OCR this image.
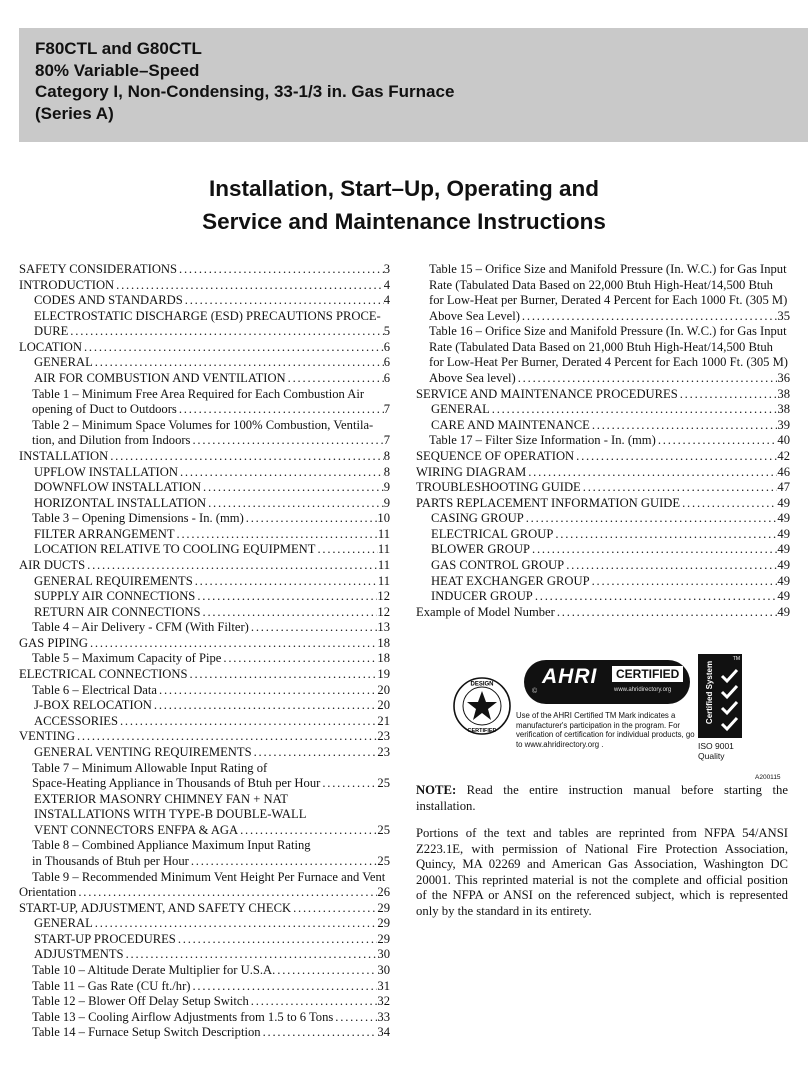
F80CTL and G80CTL
80% Variable–Speed
Category I, Non-Condensing, 33-1/3 in. Gas Furnace
(Series A)
Installation, Start–Up, Operating and
Service and Maintenance Instructions
SAFETY CONSIDERATIONS .....	3
INTRODUCTION .....	4
CODES AND STANDARDS .....	4
ELECTROSTATIC DISCHARGE (ESD) PRECAUTIONS PROCE-
DURE .....	5
LOCATION .....	6
GENERAL .....	6
AIR FOR COMBUSTION AND VENTILATION .....	6
Table 1 – Minimum Free Area Required for Each Combustion Air
opening of Duct to Outdoors .....	7
Table 2 – Minimum Space Volumes for 100% Combustion, Ventila-
tion, and Dilution from Indoors .....	7
INSTALLATION .....	8
UPFLOW INSTALLATION .....	8
DOWNFLOW INSTALLATION .....	9
HORIZONTAL INSTALLATION .....	9
Table 3 – Opening Dimensions - In. (mm) .....	10
FILTER ARRANGEMENT .....	11
LOCATION RELATIVE TO COOLING EQUIPMENT .....	11
AIR DUCTS .....	11
GENERAL REQUIREMENTS .....	11
SUPPLY AIR CONNECTIONS .....	12
RETURN AIR CONNECTIONS .....	12
Table 4 – Air Delivery - CFM (With Filter) .....	13
GAS PIPING .....	18
Table 5 – Maximum Capacity of Pipe .....	18
ELECTRICAL CONNECTIONS .....	19
Table 6 – Electrical Data .....	20
J-BOX RELOCATION .....	20
ACCESSORIES .....	21
VENTING .....	23
GENERAL VENTING REQUIREMENTS .....	23
Table 7 – Minimum Allowable Input Rating of
Space-Heating Appliance in Thousands of Btuh per Hour .....	25
EXTERIOR MASONRY CHIMNEY FAN + NAT
INSTALLATIONS WITH TYPE-B DOUBLE-WALL
VENT CONNECTORS ENFPA & AGA .....	25
Table 8 – Combined Appliance Maximum Input Rating
in Thousands of Btuh per Hour .....	25
Table 9 – Recommended Minimum Vent Height Per Furnace and Vent
Orientation .....	26
START-UP, ADJUSTMENT, AND SAFETY CHECK .....	29
GENERAL .....	29
START-UP PROCEDURES .....	29
ADJUSTMENTS .....	30
Table 10 – Altitude Derate Multiplier for U.S.A. .....	30
Table 11 – Gas Rate (CU ft./hr) .....	31
Table 12 – Blower Off Delay Setup Switch .....	32
Table 13 – Cooling Airflow Adjustments from 1.5 to 6 Tons .....	33
Table 14 – Furnace Setup Switch Description .....	34
Table 15 – Orifice Size and Manifold Pressure (In. W.C.) for Gas Input
Rate (Tabulated Data Based on 22,000 Btuh High-Heat/14,500 Btuh
for Low-Heat per Burner, Derated 4 Percent for Each 1000 Ft. (305 M)
Above Sea Level) .....	35
Table 16 – Orifice Size and Manifold Pressure (In. W.C.) for Gas Input
Rate (Tabulated Data Based on 21,000 Btuh High-Heat/14,500 Btuh
for Low-Heat Per Burner, Derated 4 Percent for Each 1000 Ft. (305 M)
Above Sea level) .....	36
SERVICE AND MAINTENANCE PROCEDURES .....	38
GENERAL .....	38
CARE AND MAINTENANCE .....	39
Table 17 – Filter Size Information - In. (mm) .....	40
SEQUENCE OF OPERATION .....	42
WIRING DIAGRAM .....	46
TROUBLESHOOTING GUIDE .....	47
PARTS REPLACEMENT INFORMATION GUIDE .....	49
CASING GROUP .....	49
ELECTRICAL GROUP .....	49
BLOWER GROUP .....	49
GAS CONTROL GROUP .....	49
HEAT EXCHANGER GROUP .....	49
INDUCER GROUP .....	49
Example of Model Number .....	49
DESIGN
CERTIFIED
AHRI	CERTIFIED
www.ahridirectory.org
©
Use of the AHRI Certified TM Mark indicates a manufacturer's participation in the program. For verification of certification for individual products, go to www.ahridirectory.org .
TM
Certified System
ISO 9001
Quality
A200115
NOTE: Read the entire instruction manual before starting the installation.
Portions of the text and tables are reprinted from NFPA 54/ANSI Z223.1E, with permission of National Fire Protection Association, Quincy, MA 02269 and American Gas Association, Washington DC 20001. This reprinted material is not the complete and official position of the NFPA or ANSI on the referenced subject, which is represented only by the standard in its entirety.
